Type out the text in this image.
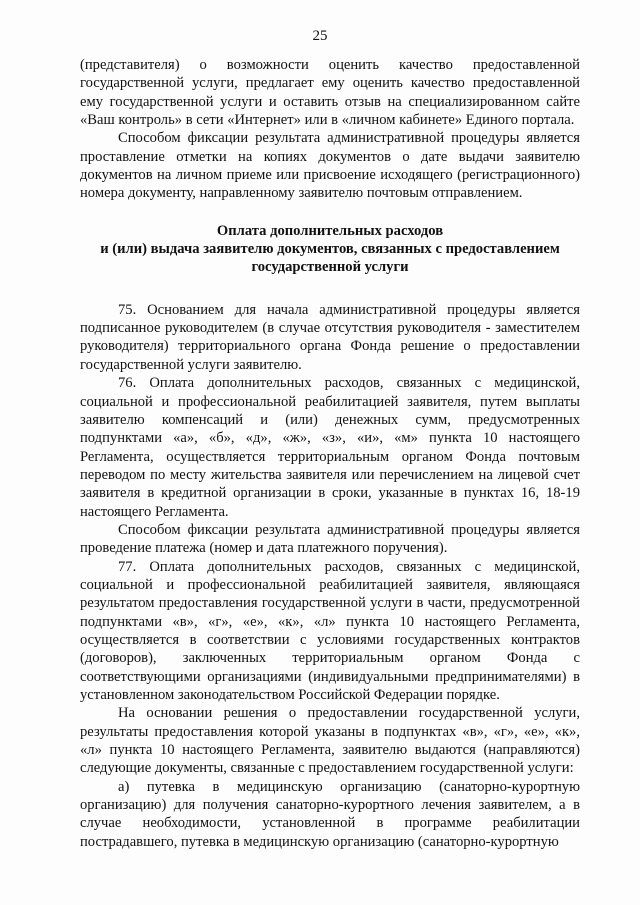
25

(представителя) о возможности оценить качество предоставленной государственной услуги, предлагает ему оценить качество предоставленной ему государственной услуги и оставить отзыв на специализированном сайте «Ваш контроль» в сети «Интернет» или в «личном кабинете» Единого портала.

Способом фиксации результата административной процедуры является проставление отметки на копиях документов о дате выдачи заявителю документов на личном приеме или присвоение исходящего (регистрационного) номера документу, направленному заявителю почтовым отправлением.

Оплата дополнительных расходов

и (или) выдача заявителю документов, связанных с предоставлением

государственной услуги

75. Основанием для начала административной процедуры является подписанное руководителем (в случае отсутствия руководителя - заместителем руководителя) территориального органа Фонда решение о предоставлении государственной услуги заявителю.

76. Оплата дополнительных расходов, связанных с медицинской, социальной и профессиональной реабилитацией заявителя, путем выплаты заявителю компенсаций и (или) денежных сумм, предусмотренных подпунктами «а», «б», «д», «ж», «з», «и», «м» пункта 10 настоящего Регламента, осуществляется территориальным органом Фонда почтовым переводом по месту жительства заявителя или перечислением на лицевой счет заявителя в кредитной организации в сроки, указанные в пунктах 16, 18-19 настоящего Регламента.

Способом фиксации результата административной процедуры является проведение платежа (номер и дата платежного поручения).

77. Оплата дополнительных расходов, связанных с медицинской, социальной и профессиональной реабилитацией заявителя, являющаяся результатом предоставления государственной услуги в части, предусмотренной подпунктами «в», «г», «е», «к», «л» пункта 10 настоящего Регламента, осуществляется в соответствии с условиями государственных контрактов (договоров), заключенных территориальным органом Фонда с соответствующими организациями (индивидуальными предпринимателями) в установленном законодательством Российской Федерации порядке.

На основании решения о предоставлении государственной услуги, результаты предоставления которой указаны в подпунктах «в», «г», «е», «к», «л» пункта 10 настоящего Регламента, заявителю выдаются (направляются) следующие документы, связанные с предоставлением государственной услуги:

а) путевка в медицинскую организацию (санаторно-курортную организацию) для получения санаторно-курортного лечения заявителем, а в случае необходимости, установленной в программе реабилитации пострадавшего, путевка в медицинскую организацию (санаторно-курортную
